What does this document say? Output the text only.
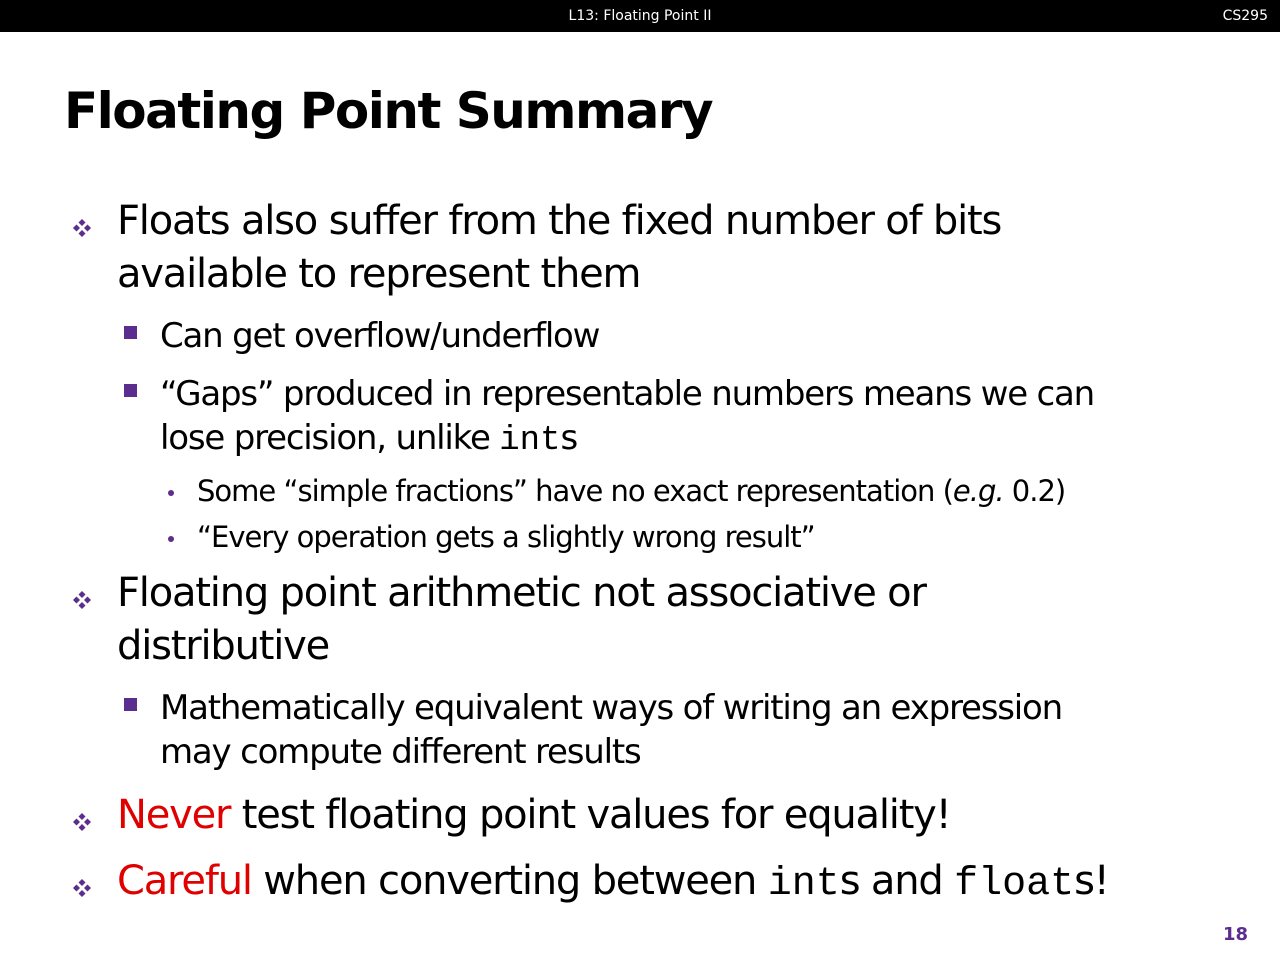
L13: Floating Point II	CS295
Floating Point Summary
Floats also suffer from the fixed number of bits
available to represent them
Can get overflow/underflow
“Gaps” produced in representable numbers means we can
lose precision, unlike ints
Some “simple fractions” have no exact representation (e.g. 0.2)
“Every operation gets a slightly wrong result”
Floating point arithmetic not associative or
distributive
Mathematically equivalent ways of writing an expression
may compute different results
Never test floating point values for equality!
Careful when converting between ints and floats!
18
